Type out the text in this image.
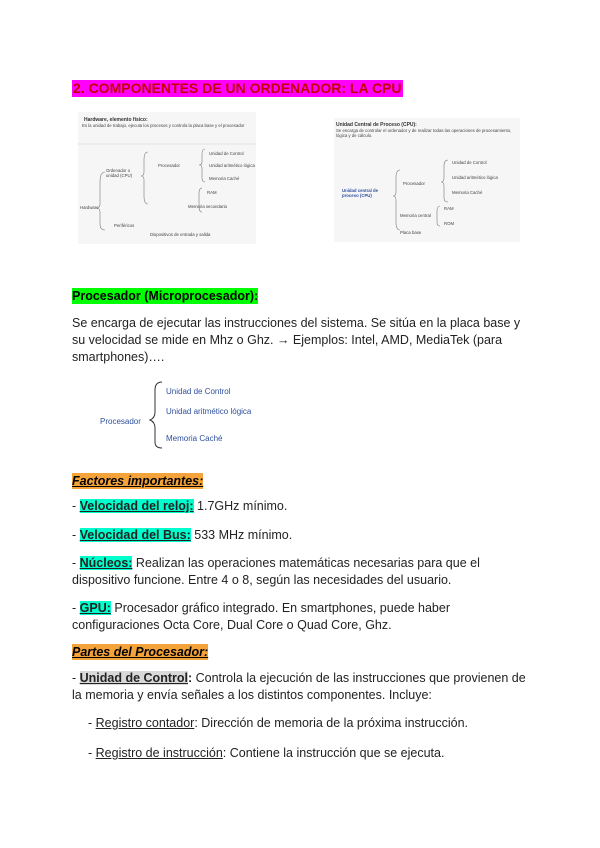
2. COMPONENTES DE UN ORDENADOR: LA CPU
Hardware, elemento físico:
Es la unidad de trabajo, ejecuta los procesos y controla la placa base y el procesador
Hardware
Ordenador o unidad (CPU)
Procesador
Unidad de Control
Unidad aritmético lógica
Memoria Caché
RAM
Memoria secundaria
Periféricos
Dispositivos de entrada y salida
Unidad Central de Proceso (CPU):
Se encarga de controlar el ordenador y de realizar todas las operaciones de procesamiento, lógica y de cálculo.
Unidad central de proceso (CPU)
Procesador
Unidad de Control
Unidad aritmético lógica
Memoria Caché
Memoria central
RAM
ROM
Placa base
Procesador (Microprocesador):
Se encarga de ejecutar las instrucciones del sistema. Se sitúa en la placa base y su velocidad se mide en Mhz o Ghz. → Ejemplos: Intel, AMD, MediaTek (para smartphones)….
Procesador
Unidad de Control
Unidad aritmético lógica
Memoria Caché
Factores importantes:
- Velocidad del reloj: 1.7GHz mínimo.
- Velocidad del Bus: 533 MHz mínimo.
- Núcleos: Realizan las operaciones matemáticas necesarias para que el dispositivo funcione. Entre 4 o 8, según las necesidades del usuario.
- GPU: Procesador gráfico integrado. En smartphones, puede haber configuraciones Octa Core, Dual Core o Quad Core, Ghz.
Partes del Procesador:
- Unidad de Control: Controla la ejecución de las instrucciones que provienen de la memoria y envía señales a los distintos componentes. Incluye:
- Registro contador: Dirección de memoria de la próxima instrucción.
- Registro de instrucción: Contiene la instrucción que se ejecuta.
